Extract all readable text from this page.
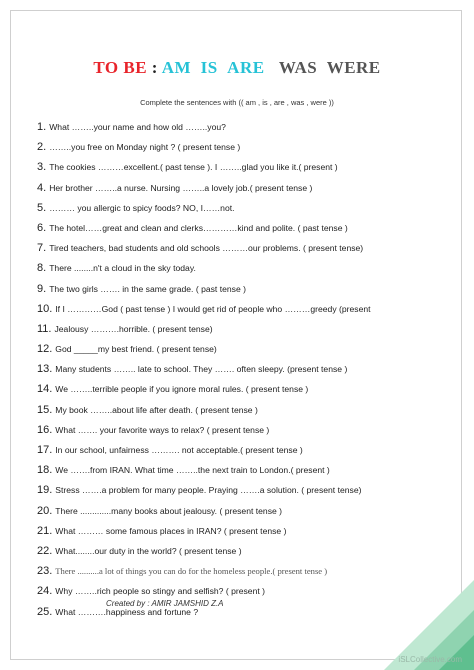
TO BE : AM IS ARE WAS WERE
Complete the sentences with (( am , is , are , was , were ))
1. What ……..your name and how old ……..you?
2. ……..you free on Monday night ? ( present tense )
3. The cookies ………excellent.( past tense ). I ……..glad you like it.( present )
4. Her brother ……..a nurse. Nursing ……..a lovely job.( present tense )
5. ……… you allergic to spicy foods? NO, I……not.
6. The hotel……great and clean and clerks…………kind and polite. ( past tense )
7. Tired teachers, bad students and old schools ………our problems. ( present tense)
8. There ........n't a cloud in the sky today.
9. The two girls ……. in the same grade. ( past tense )
10. If I …………God ( past tense ) I would get rid of people who ………greedy (present
11. Jealousy ……….horrible. ( present tense)
12. God _____my best friend. ( present tense)
13. Many students …….. late to school. They ……. often sleepy. (present tense )
14. We ……..terrible people if you ignore moral rules. ( present tense )
15. My book ……..about life after death. ( present tense )
16. What ……. your favorite ways to relax? ( present tense )
17. In our school, unfairness ………. not acceptable.( present tense )
18. We …….from IRAN. What time ……..the next train to London.( present )
19. Stress …….a problem for many people. Praying …….a solution. ( present tense)
20. There .............many books about jealousy. ( present tense )
21. What ……… some famous places in IRAN? ( present tense )
22. What........our duty in the world? ( present tense )
23. There ..........a lot of things you can do for the homeless people.( present tense )
24. Why ……..rich people so stingy and selfish? ( present )
25. What ……….happiness and fortune ?
Created by : AMIR JAMSHID Z.A
iSLCollective.com
